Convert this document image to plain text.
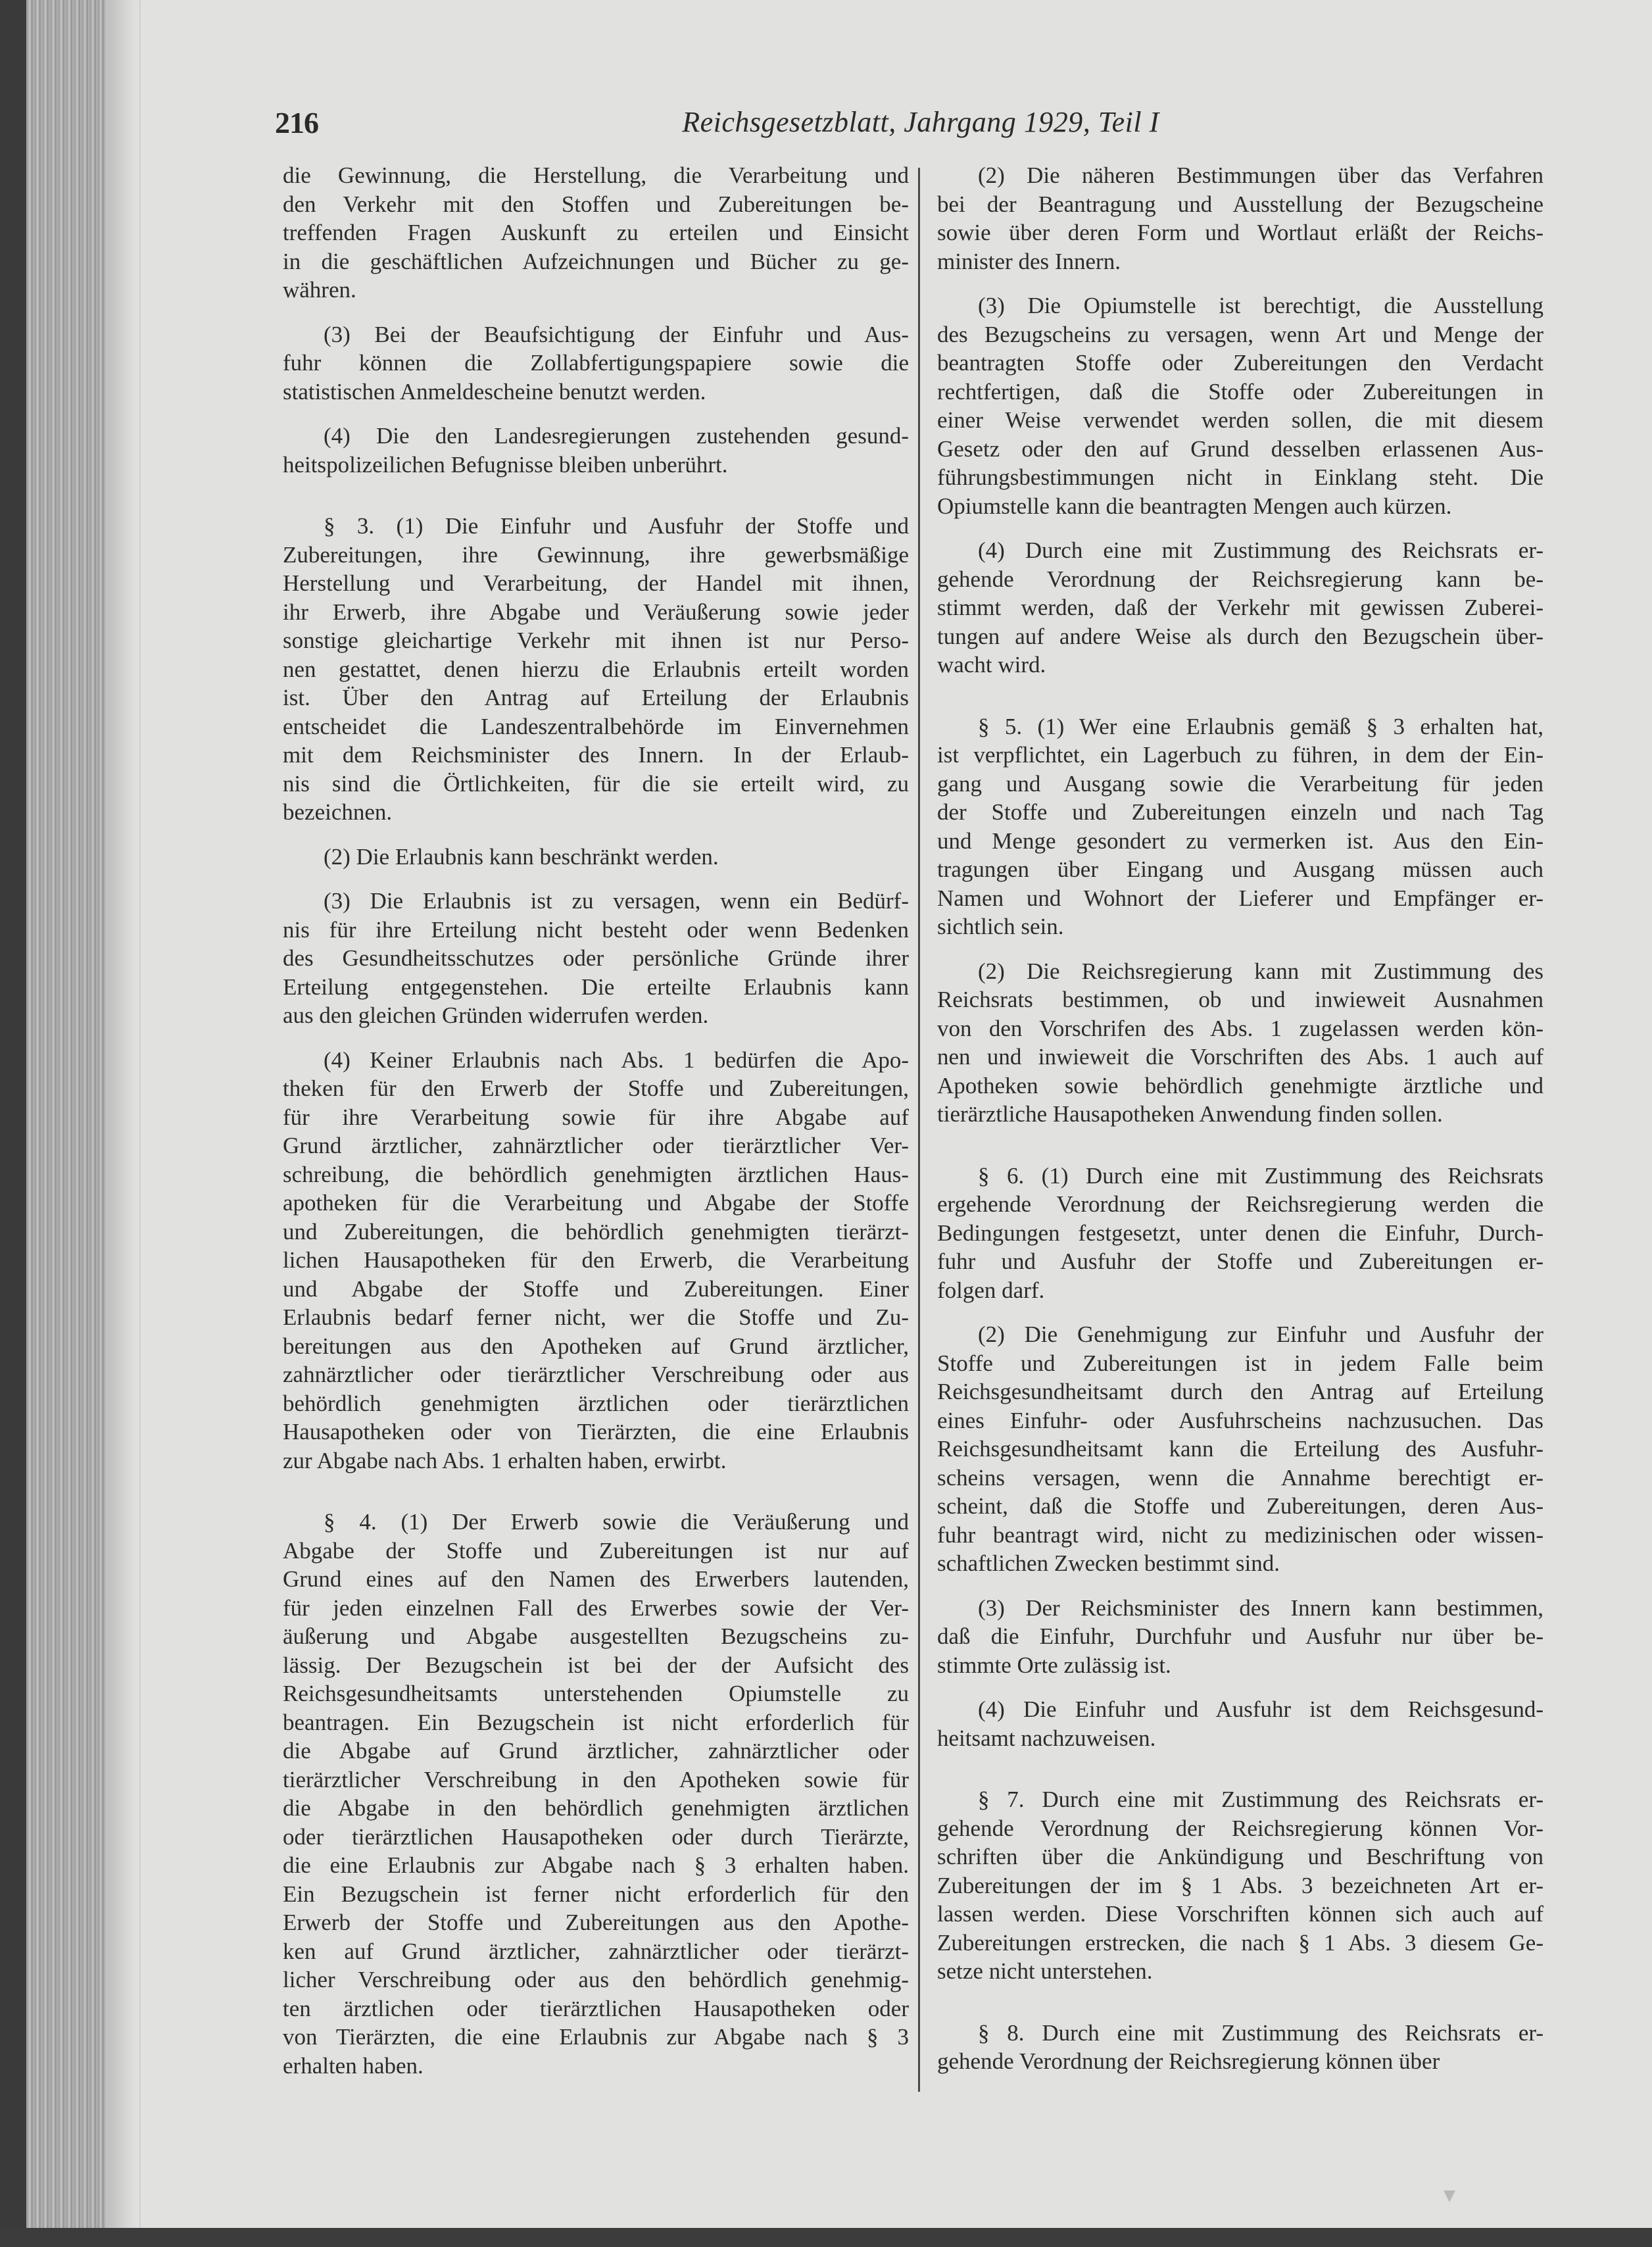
216	Reichsgesetzblatt, Jahrgang 1929, Teil I
die Gewinnung, die Herstellung, die Verarbeitung und
den Verkehr mit den Stoffen und Zubereitungen be-
treffenden Fragen Auskunft zu erteilen und Einsicht
in die geschäftlichen Aufzeichnungen und Bücher zu ge-
währen.
(3) Bei der Beaufsichtigung der Einfuhr und Aus-
fuhr können die Zollabfertigungspapiere sowie die
statistischen Anmeldescheine benutzt werden.
(4) Die den Landesregierungen zustehenden gesund-
heitspolizeilichen Befugnisse bleiben unberührt.
§ 3. (1) Die Einfuhr und Ausfuhr der Stoffe und
Zubereitungen, ihre Gewinnung, ihre gewerbsmäßige
Herstellung und Verarbeitung, der Handel mit ihnen,
ihr Erwerb, ihre Abgabe und Veräußerung sowie jeder
sonstige gleichartige Verkehr mit ihnen ist nur Perso-
nen gestattet, denen hierzu die Erlaubnis erteilt worden
ist. Über den Antrag auf Erteilung der Erlaubnis
entscheidet die Landeszentralbehörde im Einvernehmen
mit dem Reichsminister des Innern. In der Erlaub-
nis sind die Örtlichkeiten, für die sie erteilt wird, zu
bezeichnen.
(2) Die Erlaubnis kann beschränkt werden.
(3) Die Erlaubnis ist zu versagen, wenn ein Bedürf-
nis für ihre Erteilung nicht besteht oder wenn Bedenken
des Gesundheitsschutzes oder persönliche Gründe ihrer
Erteilung entgegenstehen. Die erteilte Erlaubnis kann
aus den gleichen Gründen widerrufen werden.
(4) Keiner Erlaubnis nach Abs. 1 bedürfen die Apo-
theken für den Erwerb der Stoffe und Zubereitungen,
für ihre Verarbeitung sowie für ihre Abgabe auf
Grund ärztlicher, zahnärztlicher oder tierärztlicher Ver-
schreibung, die behördlich genehmigten ärztlichen Haus-
apotheken für die Verarbeitung und Abgabe der Stoffe
und Zubereitungen, die behördlich genehmigten tierärzt-
lichen Hausapotheken für den Erwerb, die Verarbeitung
und Abgabe der Stoffe und Zubereitungen. Einer
Erlaubnis bedarf ferner nicht, wer die Stoffe und Zu-
bereitungen aus den Apotheken auf Grund ärztlicher,
zahnärztlicher oder tierärztlicher Verschreibung oder aus
behördlich genehmigten ärztlichen oder tierärztlichen
Hausapotheken oder von Tierärzten, die eine Erlaubnis
zur Abgabe nach Abs. 1 erhalten haben, erwirbt.
§ 4. (1) Der Erwerb sowie die Veräußerung und
Abgabe der Stoffe und Zubereitungen ist nur auf
Grund eines auf den Namen des Erwerbers lautenden,
für jeden einzelnen Fall des Erwerbes sowie der Ver-
äußerung und Abgabe ausgestellten Bezugscheins zu-
lässig. Der Bezugschein ist bei der der Aufsicht des
Reichsgesundheitsamts unterstehenden Opiumstelle zu
beantragen. Ein Bezugschein ist nicht erforderlich für
die Abgabe auf Grund ärztlicher, zahnärztlicher oder
tierärztlicher Verschreibung in den Apotheken sowie für
die Abgabe in den behördlich genehmigten ärztlichen
oder tierärztlichen Hausapotheken oder durch Tierärzte,
die eine Erlaubnis zur Abgabe nach § 3 erhalten haben.
Ein Bezugschein ist ferner nicht erforderlich für den
Erwerb der Stoffe und Zubereitungen aus den Apothe-
ken auf Grund ärztlicher, zahnärztlicher oder tierärzt-
licher Verschreibung oder aus den behördlich genehmig-
ten ärztlichen oder tierärztlichen Hausapotheken oder
von Tierärzten, die eine Erlaubnis zur Abgabe nach § 3
erhalten haben.
(2) Die näheren Bestimmungen über das Verfahren
bei der Beantragung und Ausstellung der Bezugscheine
sowie über deren Form und Wortlaut erläßt der Reichs-
minister des Innern.
(3) Die Opiumstelle ist berechtigt, die Ausstellung
des Bezugscheins zu versagen, wenn Art und Menge der
beantragten Stoffe oder Zubereitungen den Verdacht
rechtfertigen, daß die Stoffe oder Zubereitungen in
einer Weise verwendet werden sollen, die mit diesem
Gesetz oder den auf Grund desselben erlassenen Aus-
führungsbestimmungen nicht in Einklang steht. Die
Opiumstelle kann die beantragten Mengen auch kürzen.
(4) Durch eine mit Zustimmung des Reichsrats er-
gehende Verordnung der Reichsregierung kann be-
stimmt werden, daß der Verkehr mit gewissen Zuberei-
tungen auf andere Weise als durch den Bezugschein über-
wacht wird.
§ 5. (1) Wer eine Erlaubnis gemäß § 3 erhalten hat,
ist verpflichtet, ein Lagerbuch zu führen, in dem der Ein-
gang und Ausgang sowie die Verarbeitung für jeden
der Stoffe und Zubereitungen einzeln und nach Tag
und Menge gesondert zu vermerken ist. Aus den Ein-
tragungen über Eingang und Ausgang müssen auch
Namen und Wohnort der Lieferer und Empfänger er-
sichtlich sein.
(2) Die Reichsregierung kann mit Zustimmung des
Reichsrats bestimmen, ob und inwieweit Ausnahmen
von den Vorschrifen des Abs. 1 zugelassen werden kön-
nen und inwieweit die Vorschriften des Abs. 1 auch auf
Apotheken sowie behördlich genehmigte ärztliche und
tierärztliche Hausapotheken Anwendung finden sollen.
§ 6. (1) Durch eine mit Zustimmung des Reichsrats
ergehende Verordnung der Reichsregierung werden die
Bedingungen festgesetzt, unter denen die Einfuhr, Durch-
fuhr und Ausfuhr der Stoffe und Zubereitungen er-
folgen darf.
(2) Die Genehmigung zur Einfuhr und Ausfuhr der
Stoffe und Zubereitungen ist in jedem Falle beim
Reichsgesundheitsamt durch den Antrag auf Erteilung
eines Einfuhr- oder Ausfuhrscheins nachzusuchen. Das
Reichsgesundheitsamt kann die Erteilung des Ausfuhr-
scheins versagen, wenn die Annahme berechtigt er-
scheint, daß die Stoffe und Zubereitungen, deren Aus-
fuhr beantragt wird, nicht zu medizinischen oder wissen-
schaftlichen Zwecken bestimmt sind.
(3) Der Reichsminister des Innern kann bestimmen,
daß die Einfuhr, Durchfuhr und Ausfuhr nur über be-
stimmte Orte zulässig ist.
(4) Die Einfuhr und Ausfuhr ist dem Reichsgesund-
heitsamt nachzuweisen.
§ 7. Durch eine mit Zustimmung des Reichsrats er-
gehende Verordnung der Reichsregierung können Vor-
schriften über die Ankündigung und Beschriftung von
Zubereitungen der im § 1 Abs. 3 bezeichneten Art er-
lassen werden. Diese Vorschriften können sich auch auf
Zubereitungen erstrecken, die nach § 1 Abs. 3 diesem Ge-
setze nicht unterstehen.
§ 8. Durch eine mit Zustimmung des Reichsrats er-
gehende Verordnung der Reichsregierung können über
